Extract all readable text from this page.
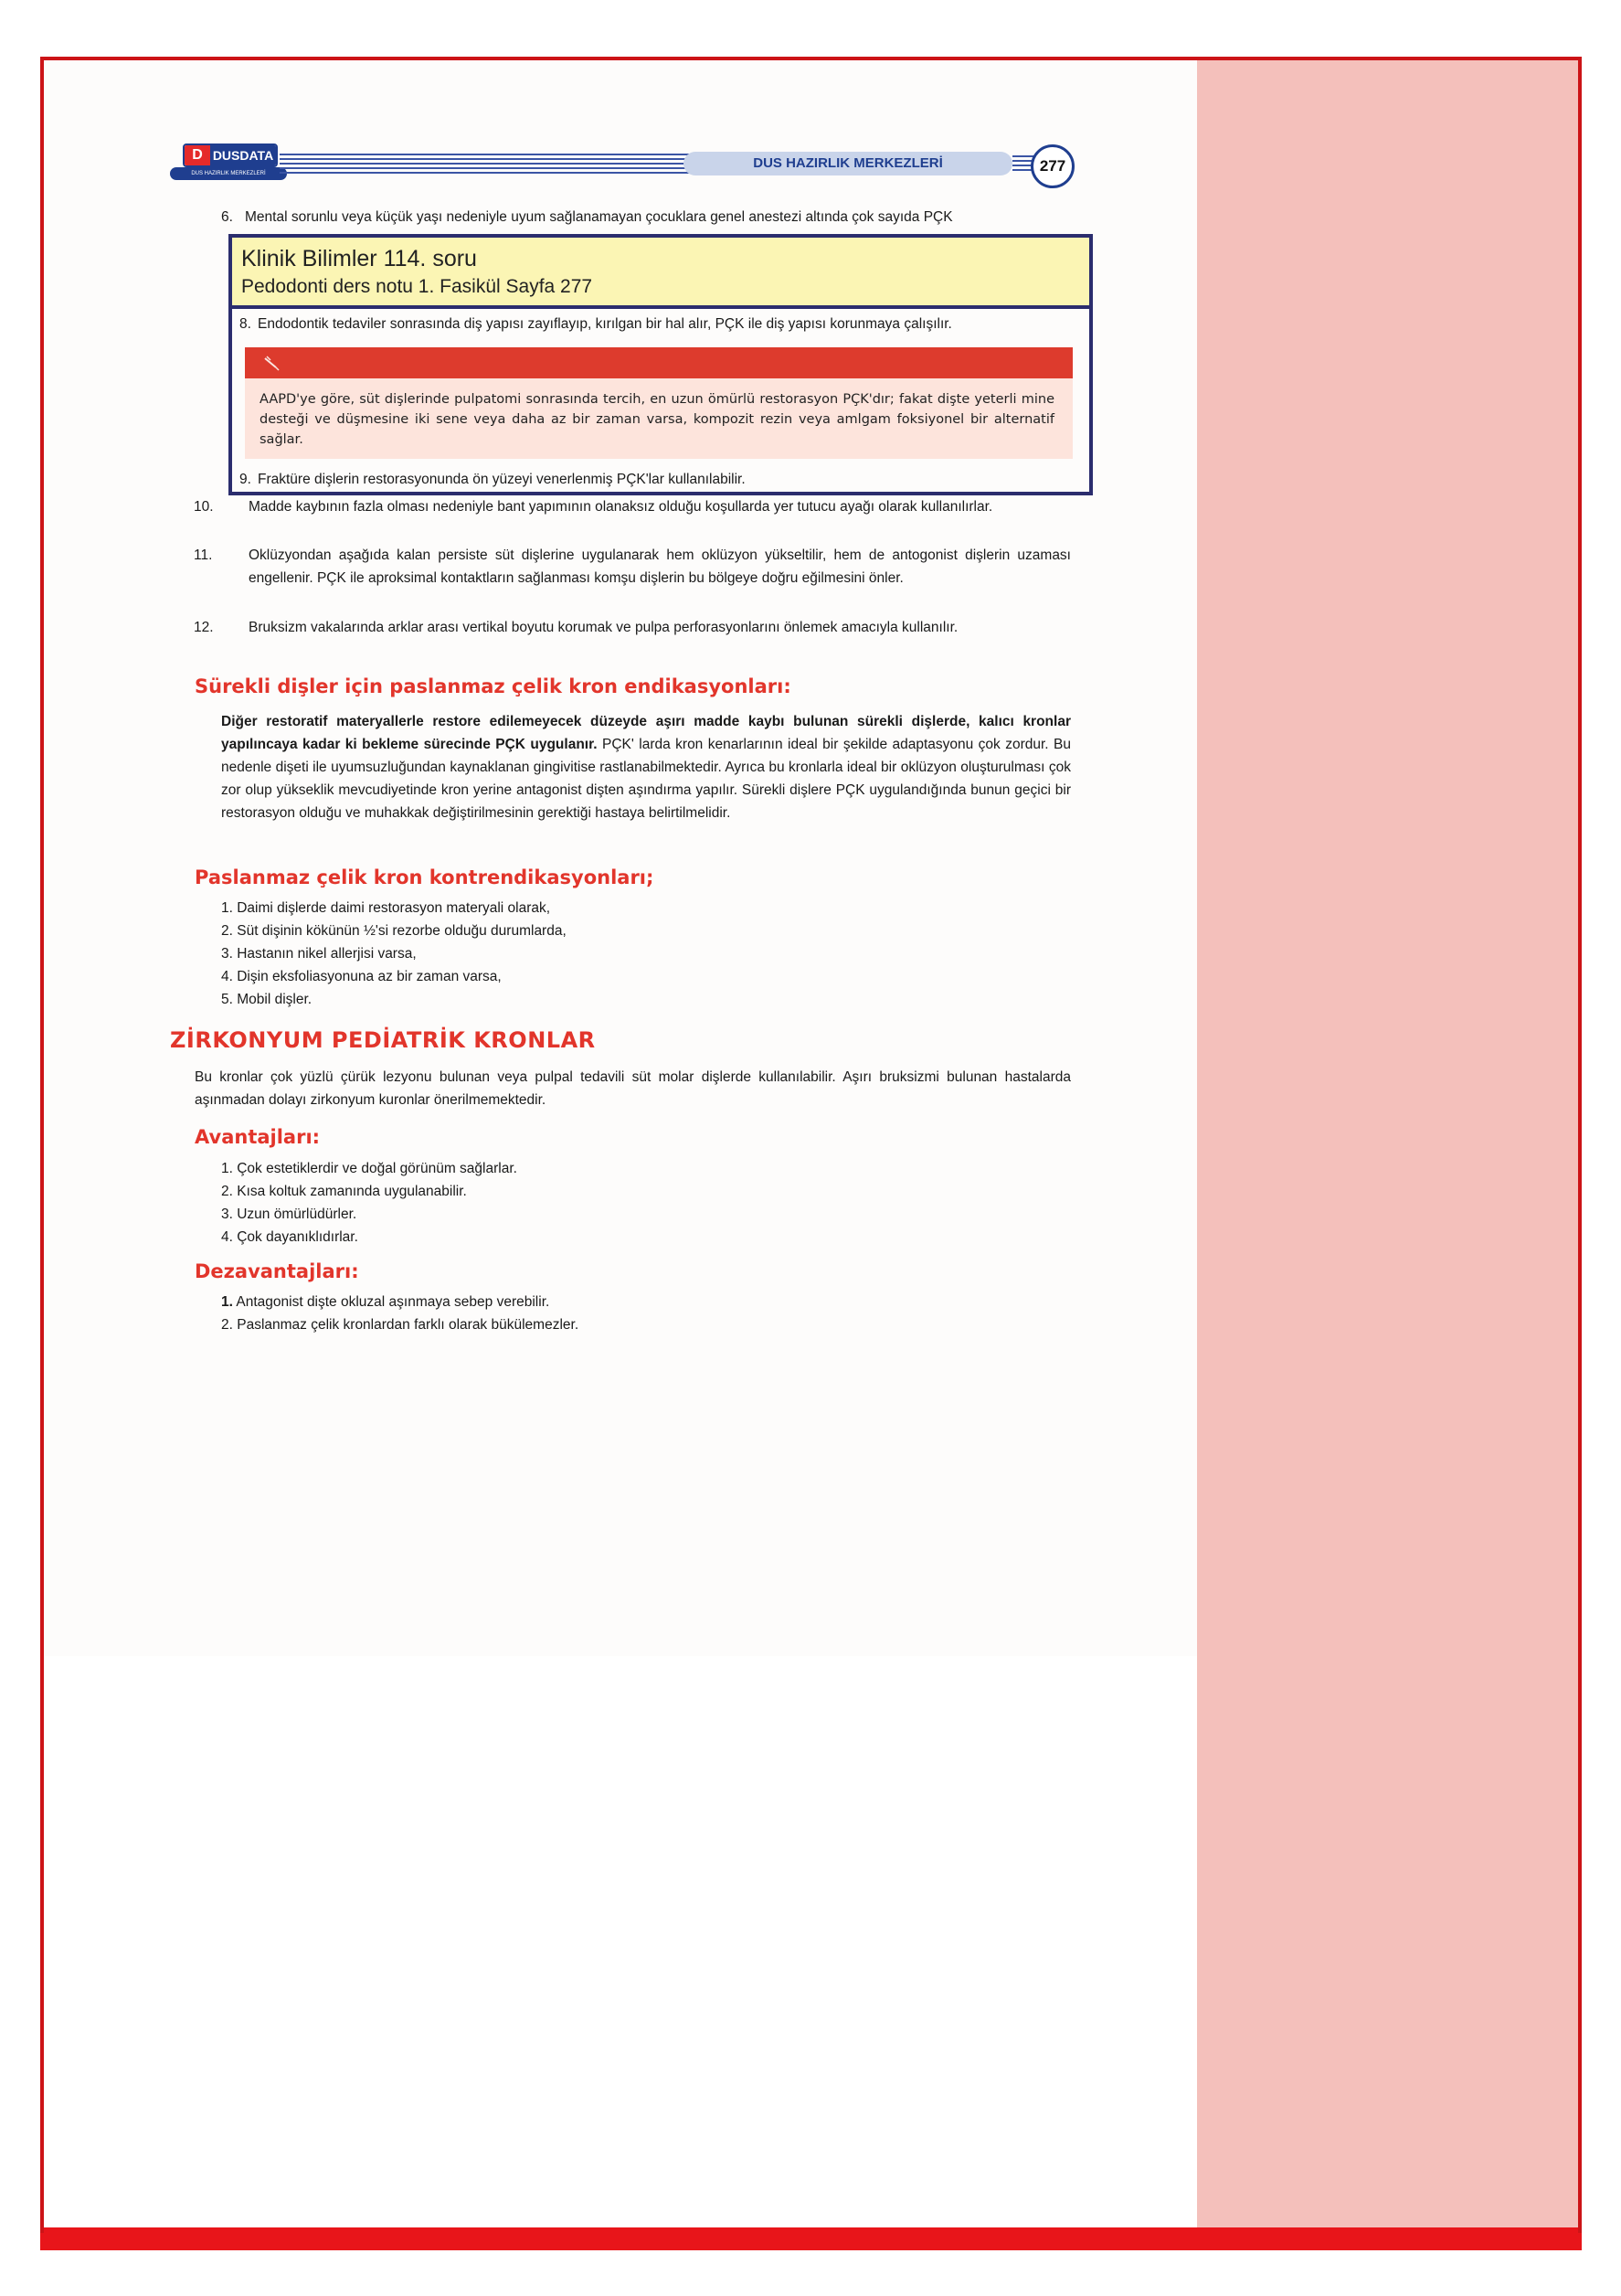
D DUSDATA
DUS HAZIRLIK MERKEZLERİ
DUS HAZIRLIK MERKEZLERİ	277
6. Mental sorunlu veya küçük yaşı nedeniyle uyum sağlanamayan çocuklara genel anestezi altında çok sayıda PÇK
Klinik Bilimler 114. soru
Pedodonti ders notu 1. Fasikül Sayfa 277
8. Endodontik tedaviler sonrasında diş yapısı zayıflayıp, kırılgan bir hal alır, PÇK ile diş yapısı korunmaya çalışılır.
AAPD'ye göre, süt dişlerinde pulpatomi sonrasında tercih, en uzun ömürlü restorasyon PÇK'dır; fakat dişte yeterli mine desteği ve düşmesine iki sene veya daha az bir zaman varsa, kompozit rezin veya amlgam foksiyonel bir alternatif sağlar.
9. Fraktüre dişlerin restorasyonunda ön yüzeyi venerlenmiş PÇK'lar kullanılabilir.
10. Madde kaybının fazla olması nedeniyle bant yapımının olanaksız olduğu koşullarda yer tutucu ayağı olarak kullanılırlar.
11.	Oklüzyondan aşağıda kalan persiste süt dişlerine uygulanarak hem oklüzyon yükseltilir, hem de antogonist dişlerin uzaması engellenir. PÇK ile aproksimal kontaktların sağlanması komşu dişlerin bu bölgeye doğru eğilmesini önler.
12. Bruksizm vakalarında arklar arası vertikal boyutu korumak ve pulpa perforasyonlarını önlemek amacıyla kullanılır.
Sürekli dişler için paslanmaz çelik kron endikasyonları:
Diğer restoratif materyallerle restore edilemeyecek düzeyde aşırı madde kaybı bulunan sürekli dişlerde, kalıcı kronlar yapılıncaya kadar ki bekleme sürecinde PÇK uygulanır. PÇK' larda kron kenarlarının ideal bir şekilde adaptasyonu çok zordur. Bu nedenle dişeti ile uyumsuzluğundan kaynaklanan gingivitise rastlanabilmektedir. Ayrıca bu kronlarla ideal bir oklüzyon oluşturulması çok zor olup yükseklik mevcudiyetinde kron yerine antagonist dişten aşındırma yapılır. Sürekli dişlere PÇK uygulandığında bunun geçici bir restorasyon olduğu ve muhakkak değiştirilmesinin gerektiği hastaya belirtilmelidir.
Paslanmaz çelik kron kontrendikasyonları;
1. Daimi dişlerde daimi restorasyon materyali olarak,
2. Süt dişinin kökünün ½'si rezorbe olduğu durumlarda,
3. Hastanın nikel allerjisi varsa,
4. Dişin eksfoliasyonuna az bir zaman varsa,
5. Mobil dişler.
ZİRKONYUM PEDİATRİK KRONLAR
Bu kronlar çok yüzlü çürük lezyonu bulunan veya pulpal tedavili süt molar dişlerde kullanılabilir. Aşırı bruksizmi bulunan hastalarda aşınmadan dolayı zirkonyum kuronlar önerilmemektedir.
Avantajları:
1. Çok estetiklerdir ve doğal görünüm sağlarlar.
2. Kısa koltuk zamanında uygulanabilir.
3. Uzun ömürlüdürler.
4. Çok dayanıklıdırlar.
Dezavantajları:
1. Antagonist dişte okluzal aşınmaya sebep verebilir.
2. Paslanmaz çelik kronlardan farklı olarak bükülemezler.
